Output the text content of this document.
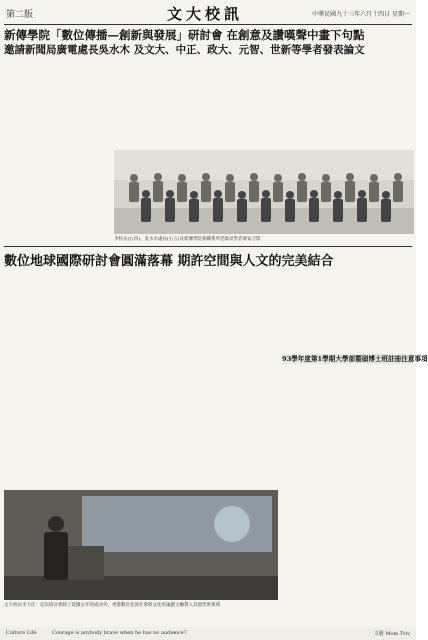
第二版	文大校訊	中華民國九十三年六月十四日 星期一
新傳學院「數位傳播—創新與發展」研討會 在創意及讚嘆聲中畫下句點
邀請新聞局廣電處長吳水木 及文大、中正、政大、元智、世新等學者發表論文
李校長(右四)、吳水木處長(右五)及新傳學院相關系所老師及學者專家合影
數位地球國際研討會圓滿落幕 期許空間與人文的完美結合
93學年度第1學期大學部暨碩博士班註冊注意事項
文大校長李天任：這次研討會除了延續去年的成功外，更將數位化的社會與文化的議題主軸帶入其他學術領域
Culture Life	Courage is anybody brave when he has no audience?	文藝 Mom Triv
